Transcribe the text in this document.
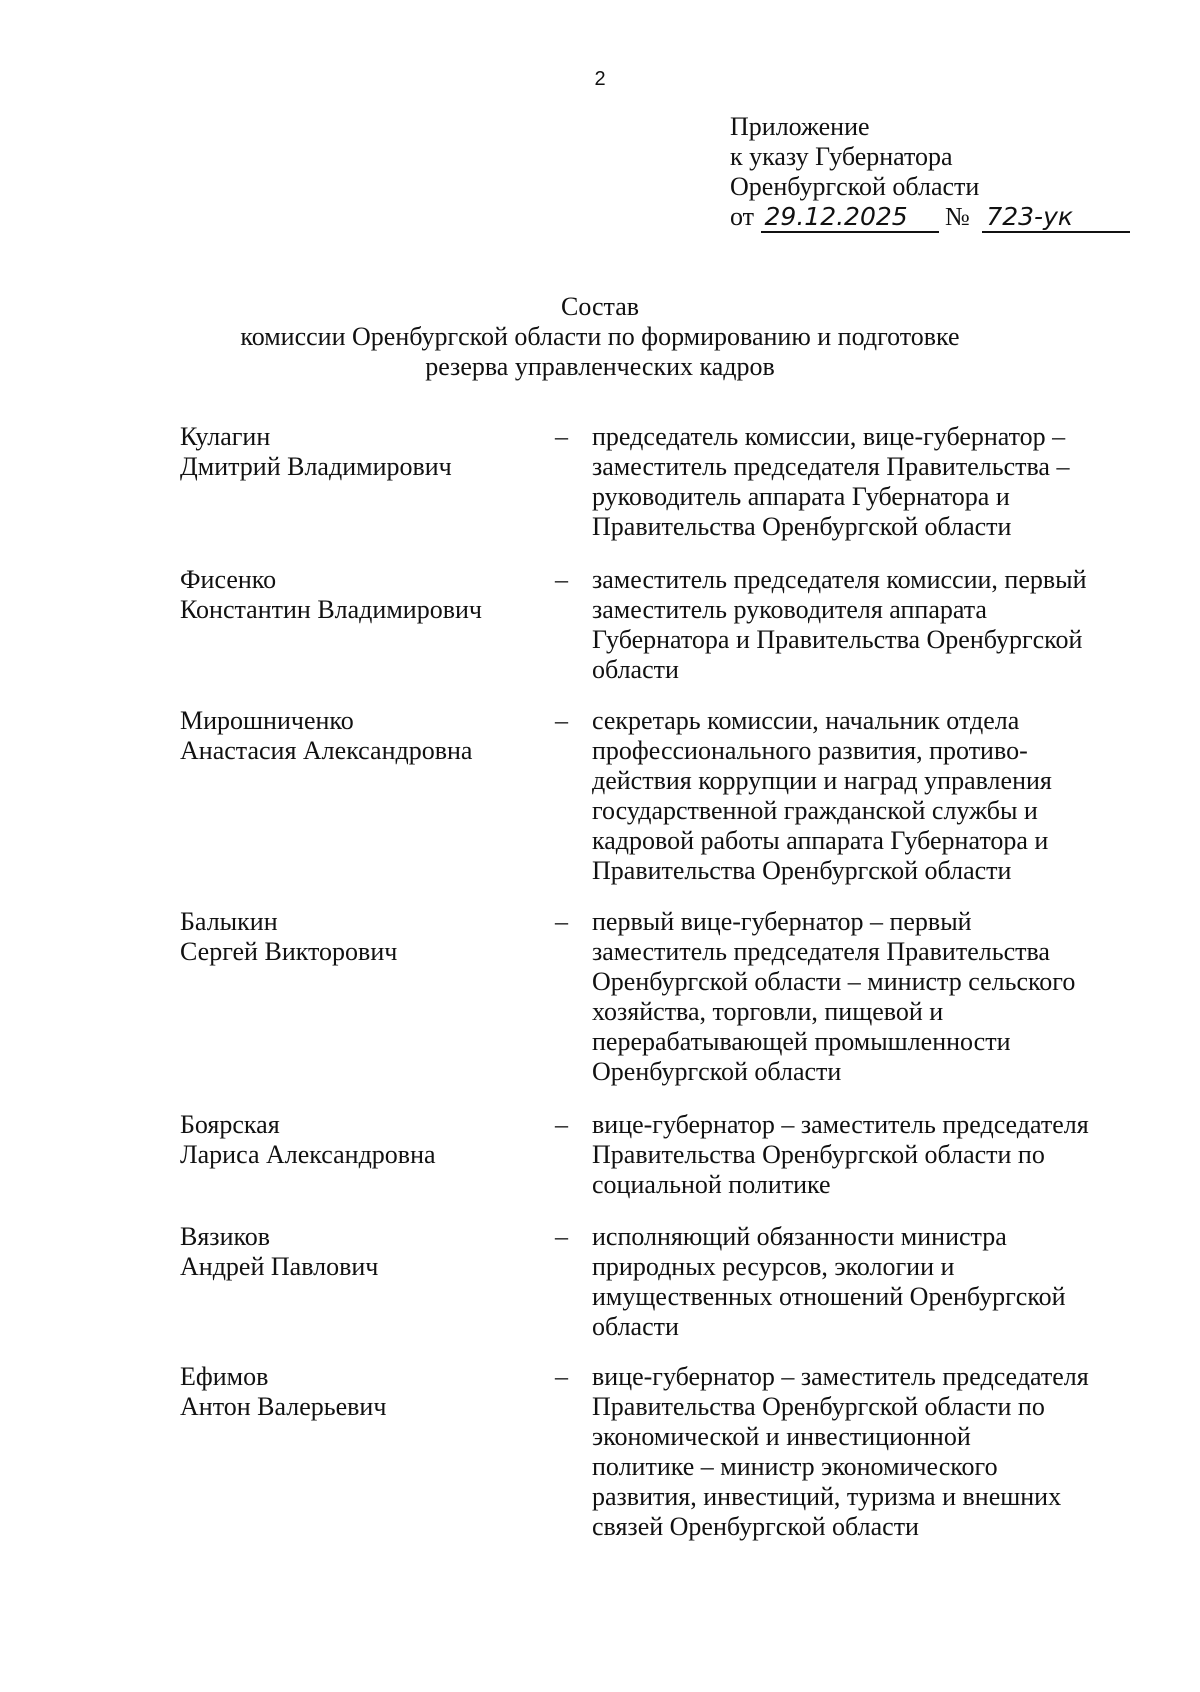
2
Приложение
к указу Губернатора
Оренбургской области
от 29.12.2025 № 723-ук
Состав
комиссии Оренбургской области по формированию и подготовке
резерва управленческих кадров
Кулагин
Дмитрий Владимирович
– председатель комиссии, вице-губернатор –
заместитель председателя Правительства –
руководитель аппарата Губернатора и
Правительства Оренбургской области
Фисенко
Константин Владимирович
– заместитель председателя комиссии, первый
заместитель руководителя аппарата
Губернатора и Правительства Оренбургской
области
Мирошниченко
Анастасия Александровна
– секретарь комиссии, начальник отдела
профессионального развития, противо-
действия коррупции и наград управления
государственной гражданской службы и
кадровой работы аппарата Губернатора и
Правительства Оренбургской области
Балыкин
Сергей Викторович
– первый вице-губернатор – первый
заместитель председателя Правительства
Оренбургской области – министр сельского
хозяйства, торговли, пищевой и
перерабатывающей промышленности
Оренбургской области
Боярская
Лариса Александровна
– вице-губернатор – заместитель председателя
Правительства Оренбургской области по
социальной политике
Вязиков
Андрей Павлович
– исполняющий обязанности министра
природных ресурсов, экологии и
имущественных отношений Оренбургской
области
Ефимов
Антон Валерьевич
– вице-губернатор – заместитель председателя
Правительства Оренбургской области по
экономической и инвестиционной
политике – министр экономического
развития, инвестиций, туризма и внешних
связей Оренбургской области
